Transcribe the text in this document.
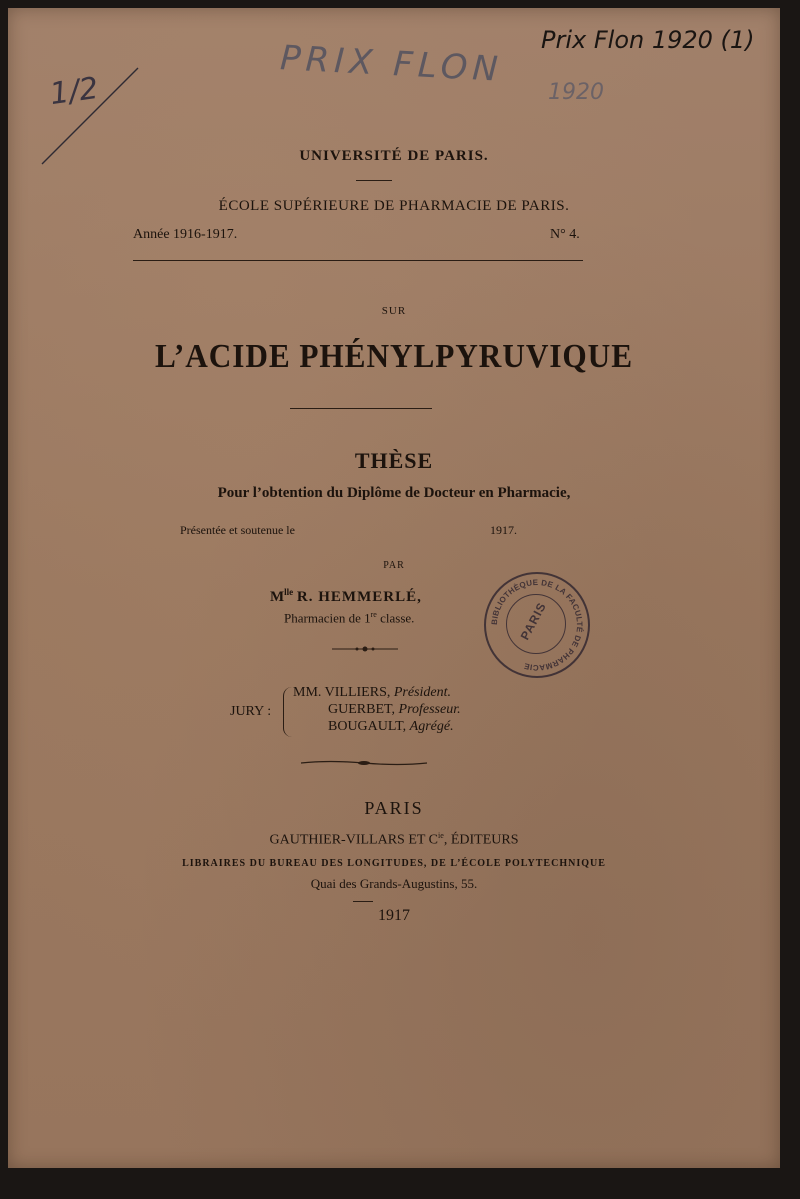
PRIX FLON Prix Flon 1920 (1)
1920
1/2
UNIVERSITÉ DE PARIS.
ÉCOLE SUPÉRIEURE DE PHARMACIE DE PARIS.
Année 1916-1917.	N° 4.
SUR
L’ACIDE PHÉNYLPYRUVIQUE
THÈSE
Pour l’obtention du Diplôme de Docteur en Pharmacie,
Présentée et soutenue le	1917.
PAR
$M^{lle}$ R. HEMMERLÉ,
Pharmacien de 1re classe.	BIBLIOTHÈQUE DE LA FACULTÉ DE PHARMACIE
PARIS
JURY :
MM. VILLIERS, Président.
GUERBET, Professeur.
BOUGAULT, Agrégé.
PARIS
GAUTHIER-VILLARS ET $C^{ie}$, ÉDITEURS
LIBRAIRES DU BUREAU DES LONGITUDES, DE L’ÉCOLE POLYTECHNIQUE
Quai des Grands-Augustins, 55.
1917
